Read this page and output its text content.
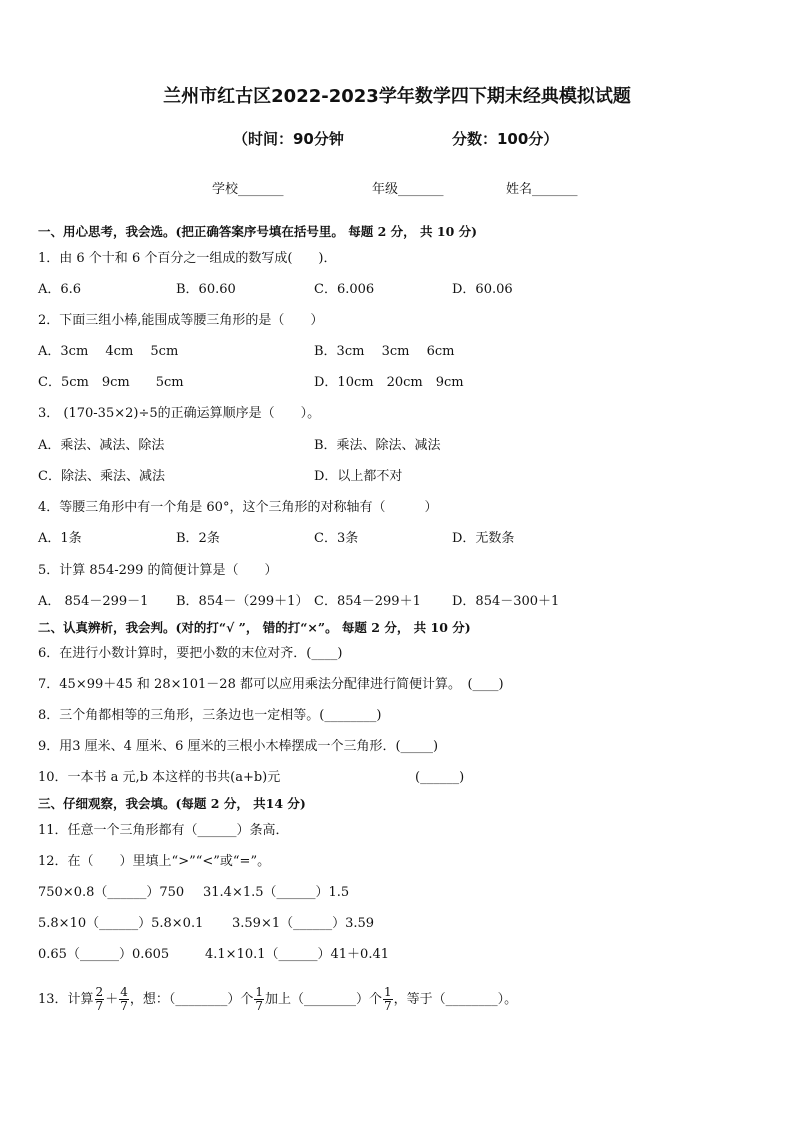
兰州市红古区2022-2023学年数学四下期末经典模拟试题
（时间：90分钟	分数：100分）
学校_______	年级_______	姓名_______
一、用心思考，我会选。(把正确答案序号填在括号里。 每题 2 分， 共 10 分)
1．由 6 个十和 6 个百分之一组成的数写成(　　)．
A．6.6	B．60.60	C．6.006	D．60.06
2．下面三组小棒,能围成等腰三角形的是（　　）
A．3cm　 4cm　 5cm	B．3cm　 3cm　 6cm
C．5cm　9cm　　5cm	D．10cm　20cm　9cm
3． (170-35×2)÷5的正确运算顺序是（　　）。
A．乘法、减法、除法	B．乘法、除法、减法
C．除法、乘法、减法	D．以上都不对
4．等腰三角形中有一个角是 60°，这个三角形的对称轴有（　　　）
A．1条	B．2条	C．3条	D．无数条
5．计算 854-299 的简便计算是（　　）
A． 854－299－1 B．854－（299＋1） C．854－299＋1 D．854－300＋1
二、认真辨析，我会判。(对的打“√ ”， 错的打“×”。 每题 2 分， 共 10 分)
6．在进行小数计算时，要把小数的末位对齐．(____)
7．45×99＋45 和 28×101－28 都可以应用乘法分配律进行简便计算。　(____)
8．三个角都相等的三角形，三条边也一定相等。(________)
9．用3 厘米、4 厘米、6 厘米的三根小木棒摆成一个三角形．(_____)
10．一本书 a 元,b 本这样的书共(a+b)元	(______)
三、仔细观察，我会填。(每题 2 分， 共14 分)
11．任意一个三角形都有（______）条高．
12．在（　　）里填上“>”“<”或“=”。
750×0.8（______）750 31.4×1.5（______）1.5
5.8×10（______）5.8×0.1 3.59×1（______）3.59
0.65（______）0.605	4.1×10.1（______）41＋0.41
13．计算 $\frac{2}{7} + \frac{4}{7}$ ，想：（________）个 $\frac{1}{7}$ 加上（________）个 $\frac{1}{7}$ ，等于（________）。
